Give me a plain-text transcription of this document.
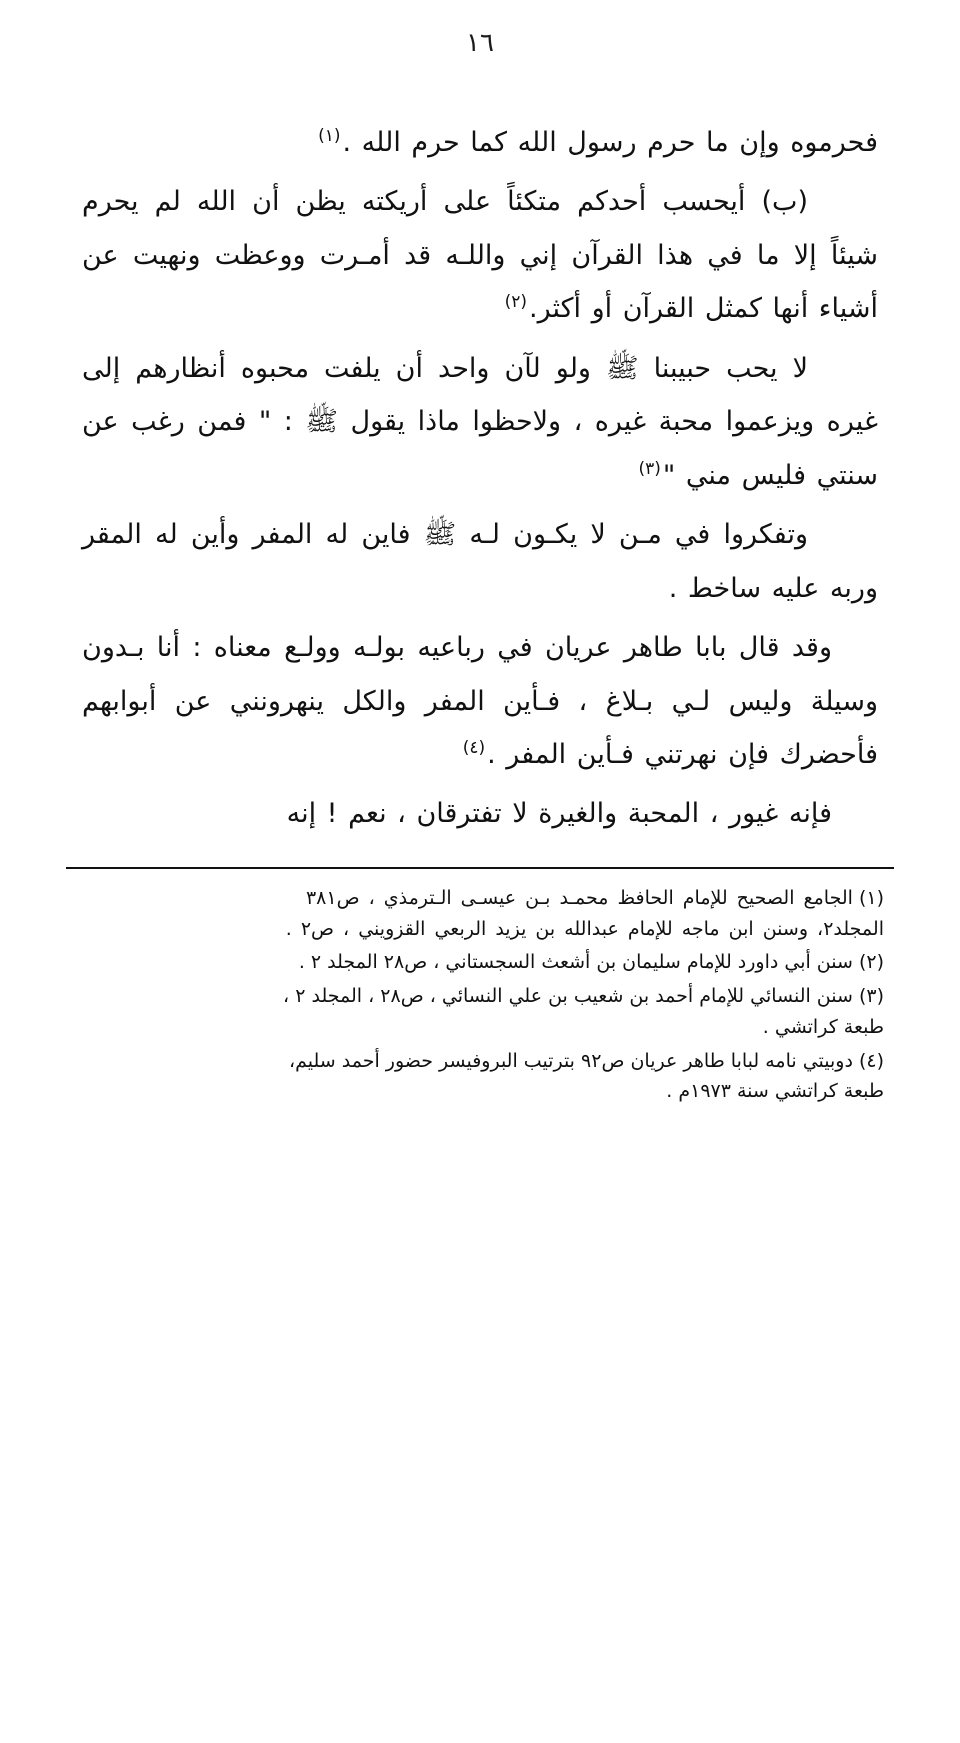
١٦

فحرموه وإن ما حرم رسول الله كما حرم الله .$^{(١)}$

(ب) أيحسب أحدكم متكئاً على أريكته يظن أن الله لم يحرم شيئاً إلا ما في هذا القرآن إني واللـه قد أمـرت ووعظت ونهيت عن أشياء أنها كمثل القرآن أو أكثر.$^{(٢)}$

لا يحب حبيبنا ﷺ ولو لآن واحد أن يلفت محبوه أنظارهم إلى غيره ويزعموا محبة غيره ، ولاحظوا ماذا يقول ﷺ : " فمن رغب عن سنتي فليس مني "$^{(٣)}$

وتفكروا في مـن لا يكـون لـه ﷺ فاين له المفر وأين له المقر وربه عليه ساخط .

وقد قال بابا طاهر عريان في رباعيه بولـه وولـع معناه : أنا بـدون وسيلة وليس لـي بـلاغ ، فـأين المفر والكل ينهرونني عن أبوابهم فأحضرك فإن نهرتني فـأين المفر .$^{(٤)}$

فإنه غيور ، المحبة والغيرة لا تفترقان ، نعم ! إنه

(١)الجامع الصحيح للإمام الحافظ محمـد بـن عيسـى الـترمذي ، ص٣٨١
المجلد٢، وسنن ابن ماجه للإمام عبدالله بن يزيد الربعي القزويني ، ص٢ .

(٢)سنن أبي داورد للإمام سليمان بن أشعث السجستاني ، ص٢٨ المجلد ٢ .

(٣)سنن النسائي للإمام أحمد بن شعيب بن علي النسائي ، ص٢٨ ، المجلد ٢ ،
طبعة كراتشي .

(٤)دوبيتي نامه لبابا طاهر عريان ص٩٢ بترتيب البروفيسر حضور أحمد سليم،
طبعة كراتشي سنة ١٩٧٣م .
